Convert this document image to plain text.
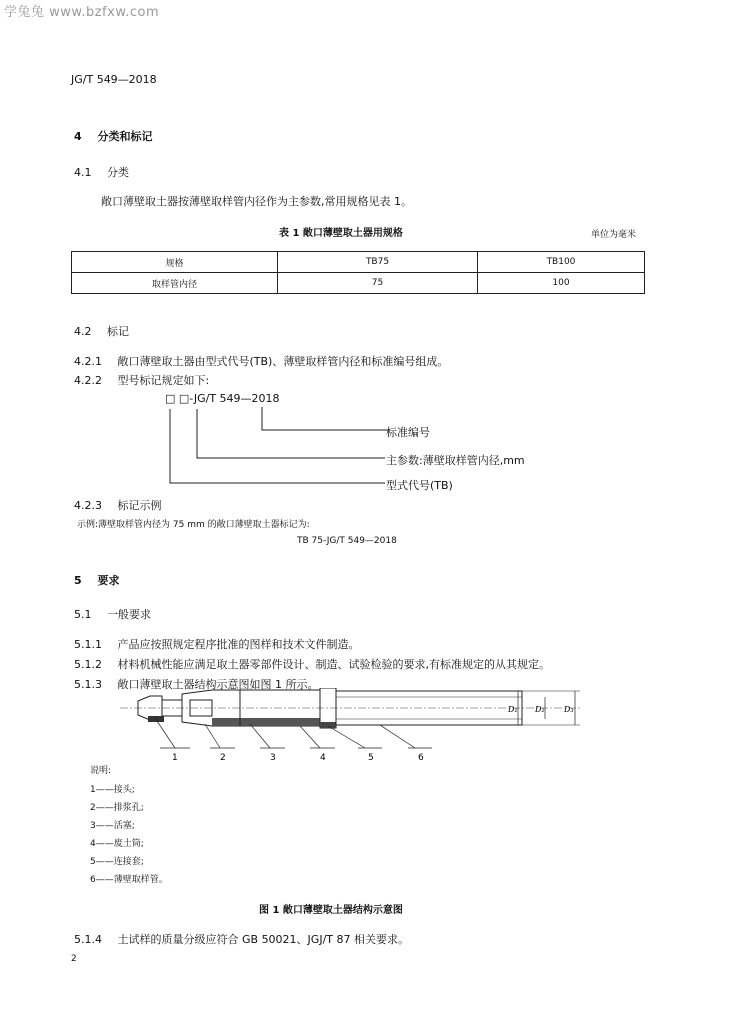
学兔兔 www.bzfxw.com
JG/T 549—2018
4 分类和标记
4.1 分类
敞口薄壁取土器按薄壁取样管内径作为主参数,常用规格见表 1。
表 1 敞口薄壁取土器用规格	单位为毫米
规格	TB75	TB100
取样管内径	75	100
4.2 标记
4.2.1 敞口薄壁取土器由型式代号(TB)、薄壁取样管内径和标准编号组成。
4.2.2 型号标记规定如下:
□ □-JG/T 549—2018
标准编号
主参数:薄壁取样管内径,mm
型式代号(TB)
4.2.3 标记示例
示例:薄壁取样管内径为 75 mm 的敞口薄壁取土器标记为:
TB 75-JG/T 549—2018
5 要求
5.1 一般要求
5.1.1 产品应按照规定程序批准的图样和技术文件制造。
5.1.2 材料机械性能应满足取土器零部件设计、制造、试验检验的要求,有标准规定的从其规定。
5.1.3 敞口薄壁取土器结构示意图如图 1 所示。
1	2	3	4	5	6
D₁ D₂ D₃
说明:
1——接头;
2——排浆孔;
3——活塞;
4——废土筒;
5——连接套;
6——薄壁取样管。
图 1 敞口薄壁取土器结构示意图
5.1.4 土试样的质量分级应符合 GB 50021、JGJ/T 87 相关要求。
2
